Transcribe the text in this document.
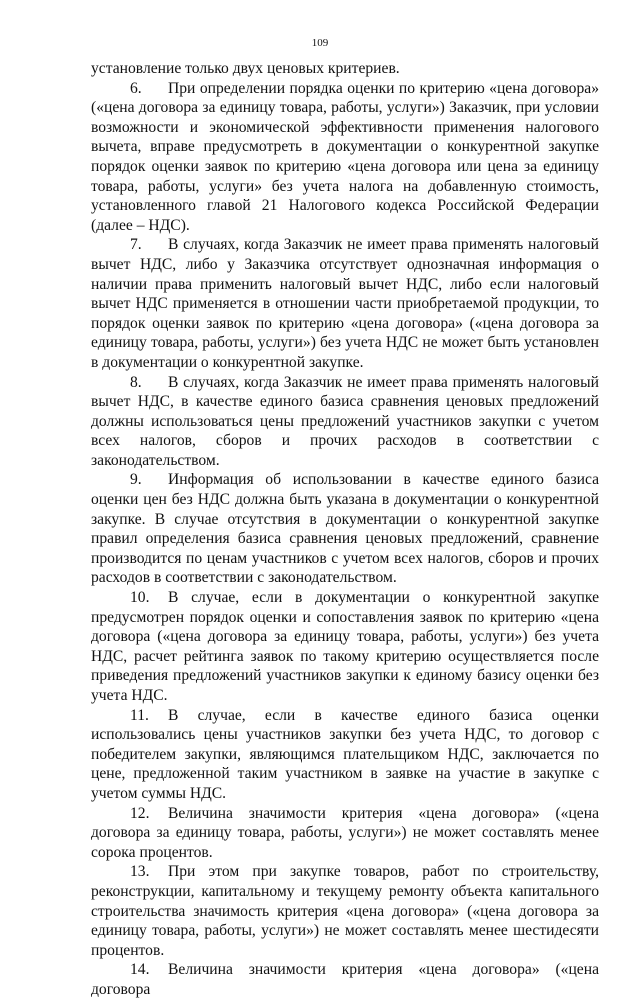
109

установление только двух ценовых критериев.

6. При определении порядка оценки по критерию «цена договора» («цена договора за единицу товара, работы, услуги») Заказчик, при условии возможности и экономической эффективности применения налогового вычета, вправе предусмотреть в документации о конкурентной закупке порядок оценки заявок по критерию «цена договора или цена за единицу товара, работы, услуги» без учета налога на добавленную стоимость, установленного главой 21 Налогового кодекса Российской Федерации (далее – НДС).

7. В случаях, когда Заказчик не имеет права применять налоговый вычет НДС, либо у Заказчика отсутствует однозначная информация о наличии права применить налоговый вычет НДС, либо если налоговый вычет НДС применяется в отношении части приобретаемой продукции, то порядок оценки заявок по критерию «цена договора» («цена договора за единицу товара, работы, услуги») без учета НДС не может быть установлен в документации о конкурентной закупке.

8. В случаях, когда Заказчик не имеет права применять налоговый вычет НДС, в качестве единого базиса сравнения ценовых предложений должны использоваться цены предложений участников закупки с учетом всех налогов, сборов и прочих расходов в соответствии с законодательством.

9. Информация об использовании в качестве единого базиса оценки цен без НДС должна быть указана в документации о конкурентной закупке. В случае отсутствия в документации о конкурентной закупке правил определения базиса сравнения ценовых предложений, сравнение производится по ценам участников с учетом всех налогов, сборов и прочих расходов в соответствии с законодательством.

10. В случае, если в документации о конкурентной закупке предусмотрен порядок оценки и сопоставления заявок по критерию «цена договора («цена договора за единицу товара, работы, услуги») без учета НДС, расчет рейтинга заявок по такому критерию осуществляется после приведения предложений участников закупки к единому базису оценки без учета НДС.

11. В случае, если в качестве единого базиса оценки использовались цены участников закупки без учета НДС, то договор с победителем закупки, являющимся плательщиком НДС, заключается по цене, предложенной таким участником в заявке на участие в закупке с учетом суммы НДС.

12. Величина значимости критерия «цена договора» («цена договора за единицу товара, работы, услуги») не может составлять менее сорока процентов.

13. При этом при закупке товаров, работ по строительству, реконструкции, капитальному и текущему ремонту объекта капитального строительства значимость критерия «цена договора» («цена договора за единицу товара, работы, услуги») не может составлять менее шестидесяти процентов.

14. Величина значимости критерия «цена договора» («цена договора
